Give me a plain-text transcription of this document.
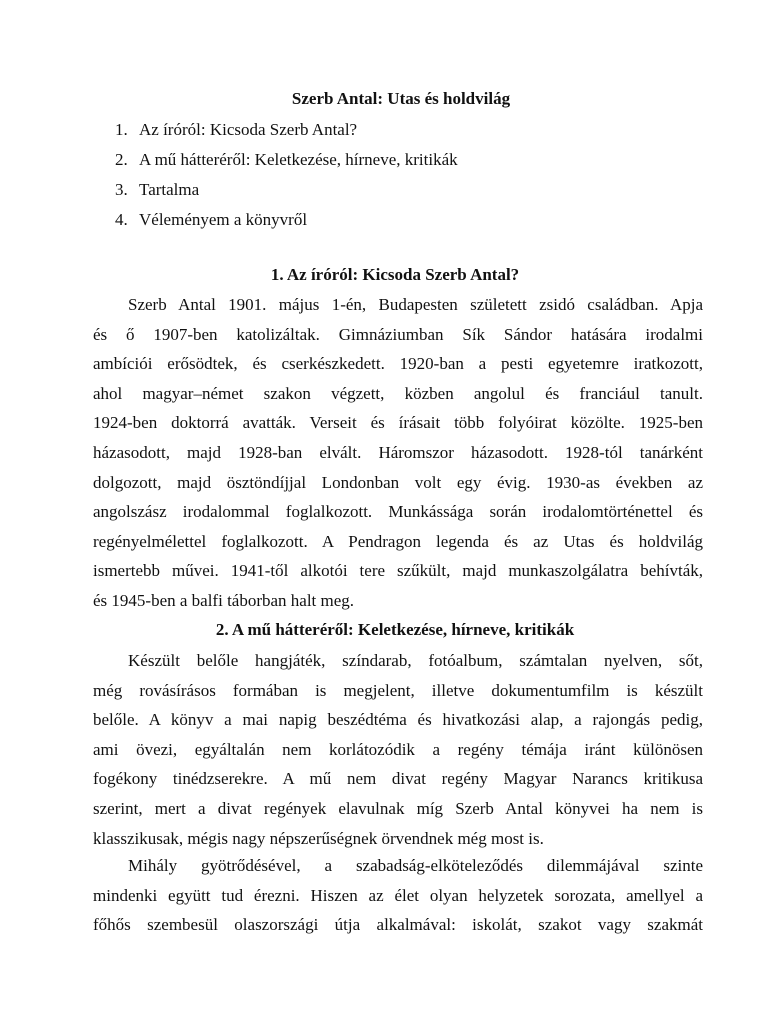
Szerb Antal: Utas és holdvilág
1. Az íróról: Kicsoda Szerb Antal?
2. A mű hátteréről: Keletkezése, hírneve, kritikák
3. Tartalma
4. Véleményem a könyvről
1. Az íróról: Kicsoda Szerb Antal?
Szerb Antal 1901. május 1-én, Budapesten született zsidó családban. Apja
és ő 1907-ben katolizáltak. Gimnáziumban Sík Sándor hatására irodalmi
ambíciói erősödtek, és cserkészkedett. 1920-ban a pesti egyetemre iratkozott,
ahol magyar–német szakon végzett, közben angolul és franciául tanult.
1924-ben doktorrá avatták. Verseit és írásait több folyóirat közölte. 1925-ben
házasodott, majd 1928-ban elvált. Háromszor házasodott. 1928-tól tanárként
dolgozott, majd ösztöndíjjal Londonban volt egy évig. 1930-as években az
angolszász irodalommal foglalkozott. Munkássága során irodalomtörténettel és
regényelmélettel foglalkozott. A Pendragon legenda és az Utas és holdvilág
ismertebb művei. 1941-től alkotói tere szűkült, majd munkaszolgálatra behívták,
és 1945-ben a balfi táborban halt meg.
2. A mű hátteréről: Keletkezése, hírneve, kritikák
Készült belőle hangjáték, színdarab, fotóalbum, számtalan nyelven, sőt,
még rovásírásos formában is megjelent, illetve dokumentumfilm is készült
belőle. A könyv a mai napig beszédtéma és hivatkozási alap, a rajongás pedig,
ami övezi, egyáltalán nem korlátozódik a regény témája iránt különösen
fogékony tinédzserekre. A mű nem divat regény Magyar Narancs kritikusa
szerint, mert a divat regények elavulnak míg Szerb Antal könyvei ha nem is
klasszikusak, mégis nagy népszerűségnek örvendnek még most is.
Mihály gyötrődésével, a szabadság-elköteleződés dilemmájával szinte
mindenki együtt tud érezni. Hiszen az élet olyan helyzetek sorozata, amellyel a
főhős szembesül olaszországi útja alkalmával: iskolát, szakot vagy szakmát
